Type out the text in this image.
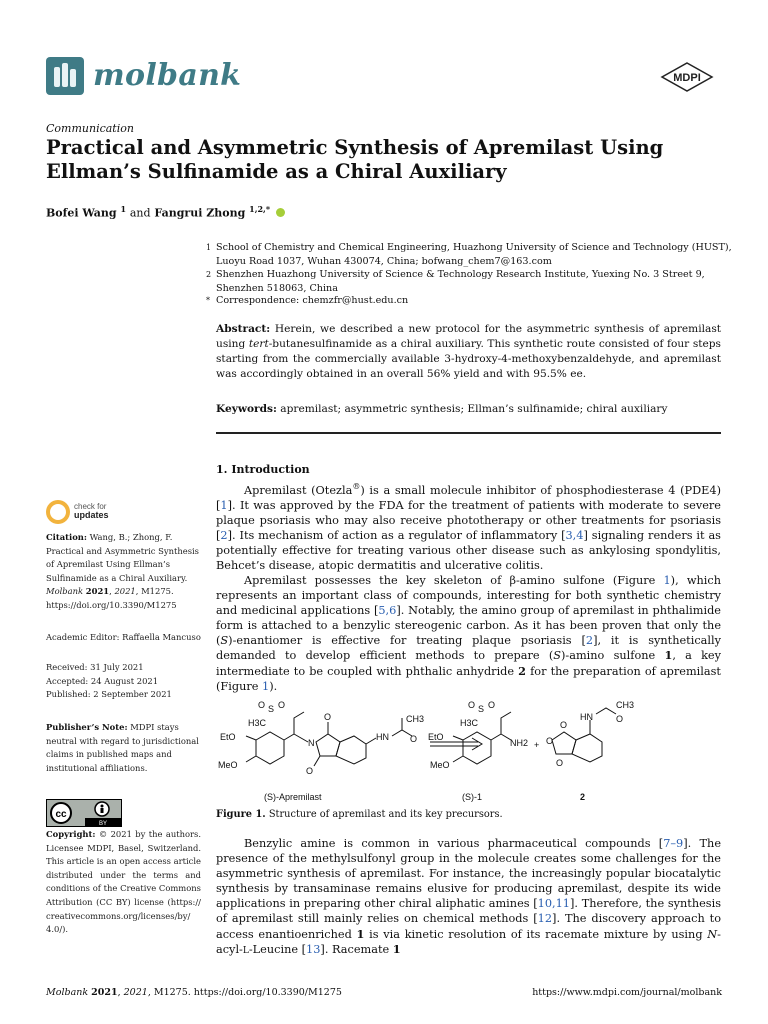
molbank	MDPI
Communication
Practical and Asymmetric Synthesis of Apremilast Using Ellman’s Sulfinamide as a Chiral Auxiliary
Bofei Wang $^1$ and Fangrui Zhong $^{1,2,*}$
1 School of Chemistry and Chemical Engineering, Huazhong University of Science and Technology (HUST), Luoyu Road 1037, Wuhan 430074, China; bofwang_chem7@163.com
2 Shenzhen Huazhong University of Science & Technology Research Institute, Yuexing No. 3 Street 9, Shenzhen 518063, China
* Correspondence: chemzfr@hust.edu.cn
Abstract: Herein, we described a new protocol for the asymmetric synthesis of apremilast using tert-butanesulfinamide as a chiral auxiliary. This synthetic route consisted of four steps starting from the commercially available 3-hydroxy-4-methoxybenzaldehyde, and apremilast was accordingly obtained in an overall 56% yield and with 95.5% ee.
Keywords: apremilast; asymmetric synthesis; Ellman’s sulfinamide; chiral auxiliary
1. Introduction
Apremilast (Otezla®) is a small molecule inhibitor of phosphodiesterase 4 (PDE4) [1]. It was approved by the FDA for the treatment of patients with moderate to severe plaque psoriasis who may also receive phototherapy or other treatments for psoriasis [2]. Its mechanism of action as a regulator of inflammatory [3,4] signaling renders it as potentially effective for treating various other disease such as ankylosing spondylitis, Behcet’s disease, atopic dermatitis and ulcerative colitis.
Apremilast possesses the key skeleton of β-amino sulfone (Figure 1), which represents an important class of compounds, interesting for both synthetic chemistry and medicinal applications [5,6]. Notably, the amino group of apremilast in phthalimide form is attached to a benzylic stereogenic carbon. As it has been proven that only the (S)-enantiomer is effective for treating plaque psoriasis [2], it is synthetically demanded to develop efficient methods to prepare (S)-amino sulfone 1, a key intermediate to be coupled with phthalic anhydride 2 for the preparation of apremilast (Figure 1).
S
O O
H3C
EtO
MeO
N
O
O
HN
CH3
O
S
O O
H3C
EtO
MeO
NH2 + O
O
O
HN
CH3
O
(S)-Apremilast	(S)-1	2
Figure 1. Structure of apremilast and its key precursors.
Benzylic amine is common in various pharmaceutical compounds [7–9]. The presence of the methylsulfonyl group in the molecule creates some challenges for the asymmetric synthesis of apremilast. For instance, the increasingly popular biocatalytic synthesis by transaminase remains elusive for producing apremilast, despite its wide applications in preparing other chiral aliphatic amines [10,11]. Therefore, the synthesis of apremilast still mainly relies on chemical methods [12]. The discovery approach to access enantioenriched 1 is via kinetic resolution of its racemate mixture by using N-acyl-L-Leucine [13]. Racemate 1
check for
updates
Citation: Wang, B.; Zhong, F. Practical and Asymmetric Synthesis of Apremilast Using Ellman’s Sulfinamide as a Chiral Auxiliary. Molbank 2021, 2021, M1275.
https://doi.org/10.3390/M1275
Academic Editor: Raffaella Mancuso
Received: 31 July 2021
Accepted: 24 August 2021
Published: 2 September 2021
Publisher’s Note: MDPI stays neutral with regard to jurisdictional claims in published maps and institutional affiliations.
cc
BY
Copyright: © 2021 by the authors. Licensee MDPI, Basel, Switzerland. This article is an open access article distributed under the terms and conditions of the Creative Commons Attribution (CC BY) license (https:// creativecommons.org/licenses/by/ 4.0/).
Molbank 2021, 2021, M1275. https://doi.org/10.3390/M1275	https://www.mdpi.com/journal/molbank
